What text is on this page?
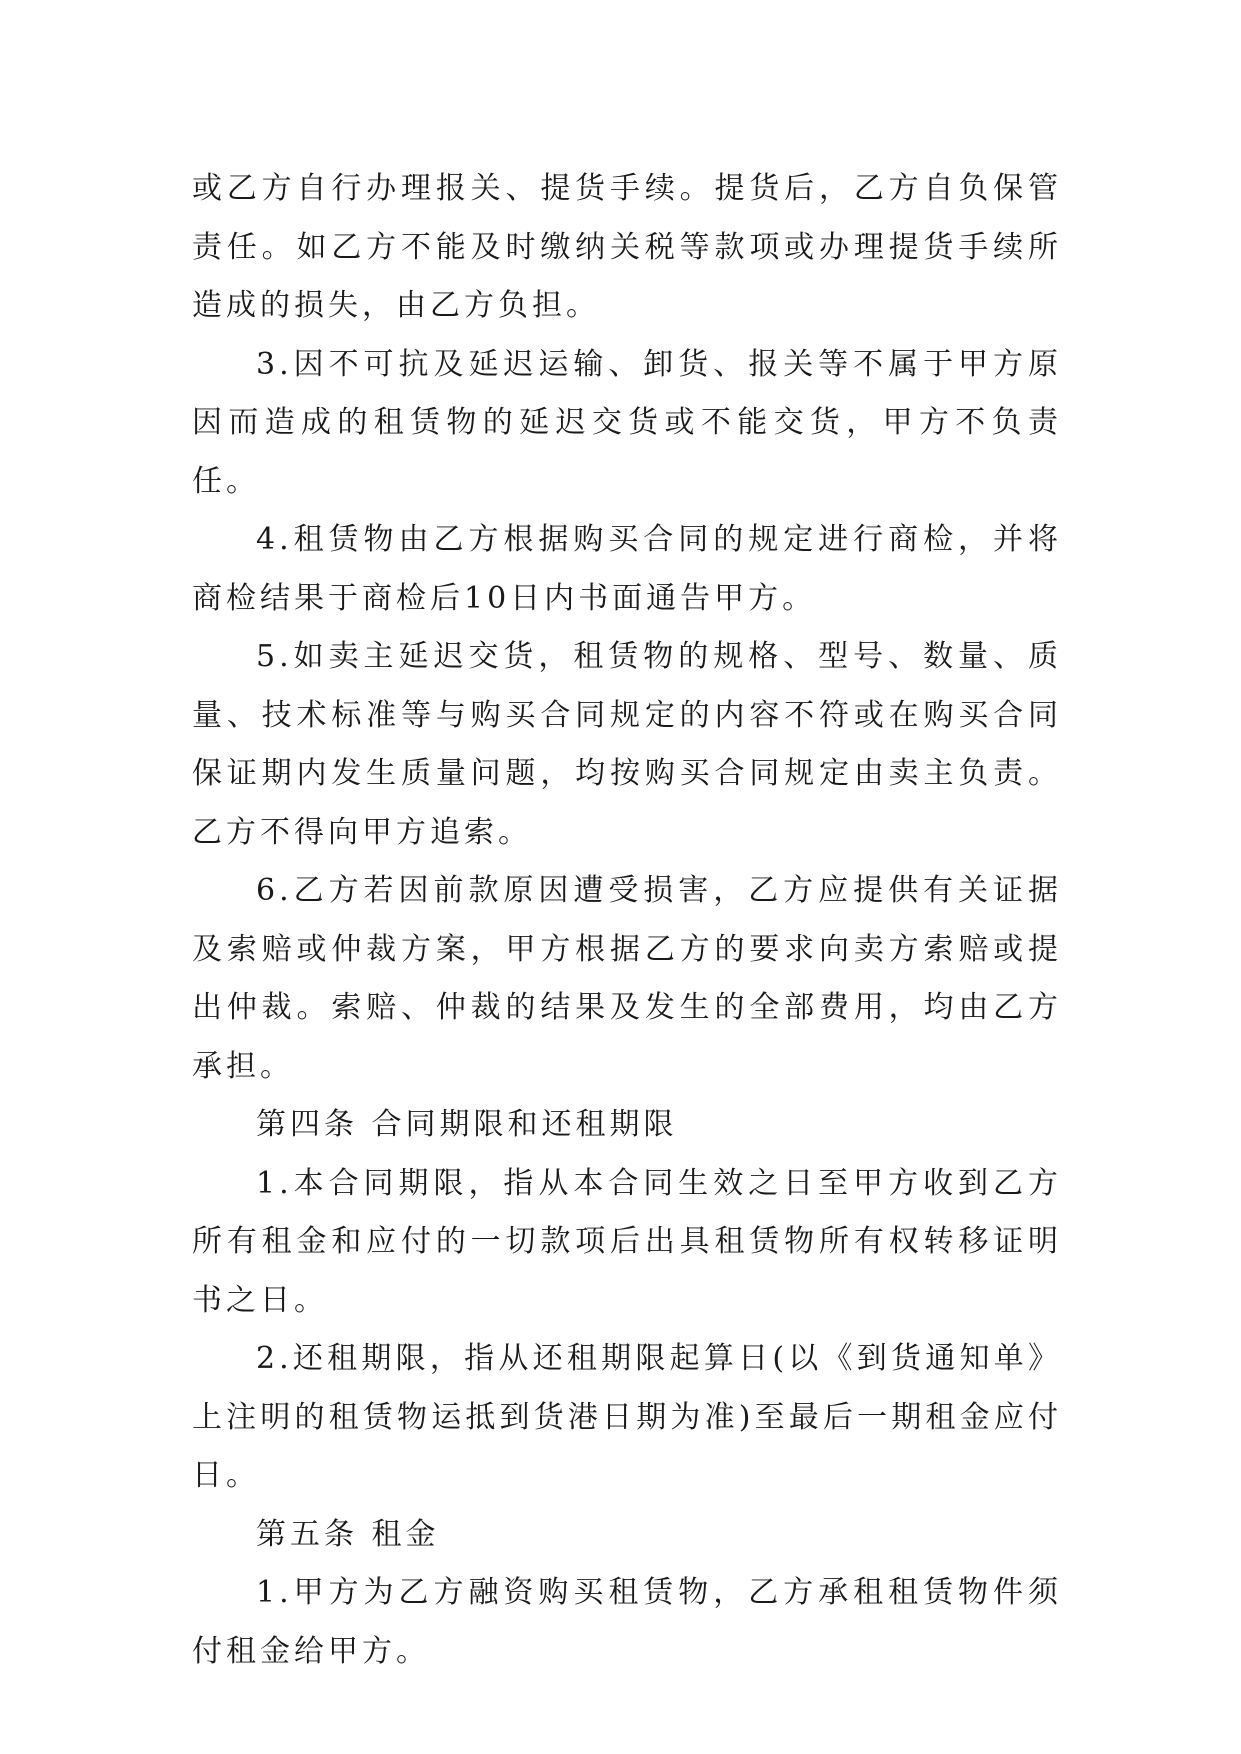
或乙方自行办理报关、提货手续。提货后，乙方自负保管责任。如乙方不能及时缴纳关税等款项或办理提货手续所造成的损失，由乙方负担。

3.因不可抗及延迟运输、卸货、报关等不属于甲方原因而造成的租赁物的延迟交货或不能交货，甲方不负责任。

4.租赁物由乙方根据购买合同的规定进行商检，并将商检结果于商检后10日内书面通告甲方。

5.如卖主延迟交货，租赁物的规格、型号、数量、质量、技术标准等与购买合同规定的内容不符或在购买合同保证期内发生质量问题，均按购买合同规定由卖主负责。乙方不得向甲方追索。

6.乙方若因前款原因遭受损害，乙方应提供有关证据及索赔或仲裁方案，甲方根据乙方的要求向卖方索赔或提出仲裁。索赔、仲裁的结果及发生的全部费用，均由乙方承担。

第四条 合同期限和还租期限

1.本合同期限，指从本合同生效之日至甲方收到乙方所有租金和应付的一切款项后出具租赁物所有权转移证明书之日。

2.还租期限，指从还租期限起算日(以《到货通知单》上注明的租赁物运抵到货港日期为准)至最后一期租金应付日。

第五条 租金

1.甲方为乙方融资购买租赁物，乙方承租租赁物件须付租金给甲方。
